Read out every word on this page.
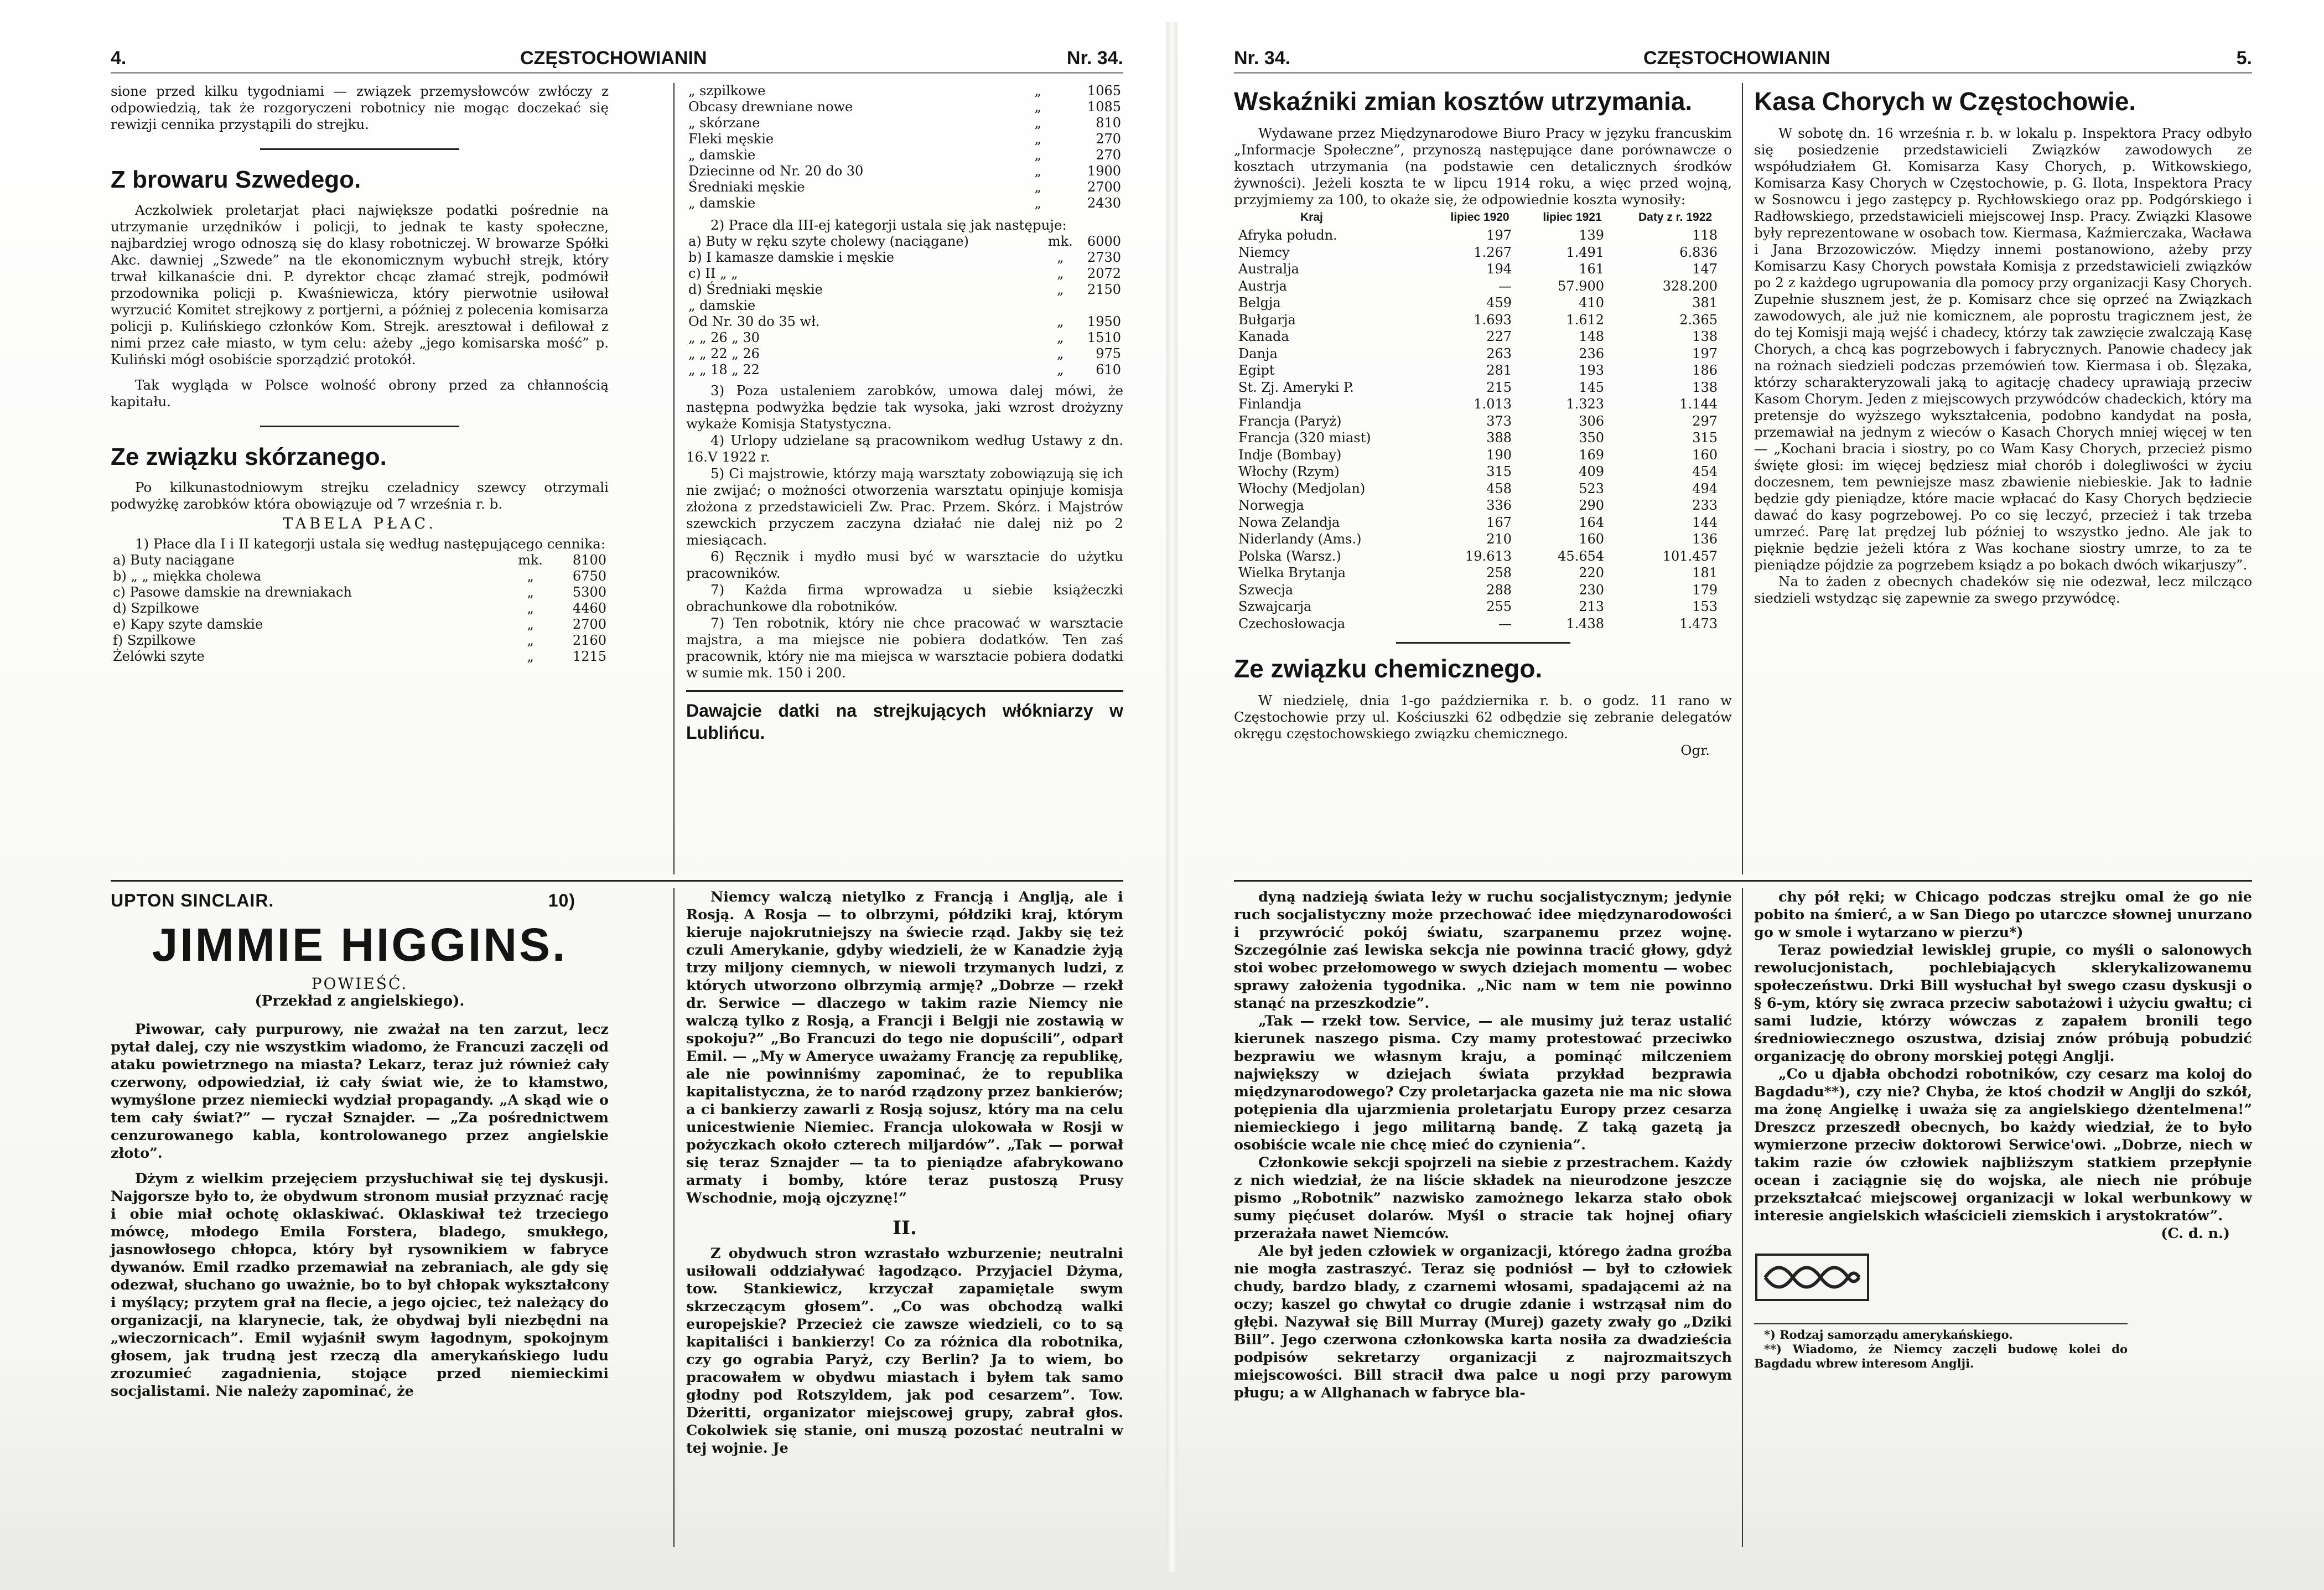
4.	CZĘSTOCHOWIANIN	Nr. 34.

sione przed kilku tygodniami — związek przemysłowców zwłóczy z odpowiedzią, tak że rozgoryczeni robotnicy nie mogąc doczekać się rewizji cennika przystąpili do strejku.

Z browaru Szwedego.

Aczkolwiek proletarjat płaci największe podatki pośrednie na utrzymanie urzędników i policji, to jednak te kasty społeczne, najbardziej wrogo odnoszą się do klasy robotniczej. W browarze Spółki Akc. dawniej „Szwede” na tle ekonomicznym wybuchł strejk, który trwał kilkanaście dni. P. dyrektor chcąc złamać strejk, podmówił przodownika policji p. Kwaśniewicza, który pierwotnie usiłował wyrzucić Komitet strejkowy z portjerni, a później z polecenia komisarza policji p. Kulińskiego członków Kom. Strejk. aresztował i defilował z nimi przez całe miasto, w tym celu: ażeby „jego komisarska mość” p. Kuliński mógł osobiście sporządzić protokół.

Tak wygląda w Polsce wolność obrony przed za chłannością kapitału.

Ze związku skórzanego.

Po kilkunastodniowym strejku czeladnicy szewcy otrzymali podwyżkę zarobków która obowiązuje od 7 września r. b.

TABELA PŁAC.

1) Płace dla I i II kategorji ustala się według następującego cennika:

a) Buty naciągane	mk.	8100
b) „ „ miękka cholewa	„	6750
c) Pasowe damskie na drewniakach	„	5300
d) Szpilkowe	„	4460
e) Kapy szyte damskie	„	2700
f) Szpilkowe	„	2160
Żelówki szyte	„	1215
„ szpilkowe	„	1065
Obcasy drewniane nowe	„	1085
„ skórzane	„	810
Fleki męskie	„	270
„ damskie	„	270
Dziecinne od Nr. 20 do 30	„	1900
Średniaki męskie	„	2700
„ damskie	„	2430

2) Prace dla III-ej kategorji ustala się jak następuje:

a) Buty w ręku szyte cholewy (naciągane)	mk.	6000
b) I kamasze damskie i męskie	„	2730
c) II „ „	„	2072
d) Średniaki męskie	„	2150
„ damskie		
Od Nr. 30 do 35 wł.	„	1950
„ „ 26 „ 30	„	1510
„ „ 22 „ 26	„	975
„ „ 18 „ 22	„	610

3) Poza ustaleniem zarobków, umowa dalej mówi, że następna podwyżka będzie tak wysoka, jaki wzrost drożyzny wykaże Komisja Statystyczna.

4) Urlopy udzielane są pracownikom według Ustawy z dn. 16.V 1922 r.

5) Ci majstrowie, którzy mają warsztaty zobowiązują się ich nie zwijać; o możności otworzenia warsztatu opinjuje komisja złożona z przedstawicieli Zw. Prac. Przem. Skórz. i Majstrów szewckich przyczem zaczyna działać nie dalej niż po 2 miesiącach.

6) Ręcznik i mydło musi być w warsztacie do użytku pracowników.

7) Każda firma wprowadza u siebie książeczki obrachunkowe dla robotników.

7) Ten robotnik, który nie chce pracować w warsztacie majstra, a ma miejsce nie pobiera dodatków. Ten zaś pracownik, który nie ma miejsca w warsztacie pobiera dodatki w sumie mk. 150 i 200.

Dawajcie datki na strejkujących włókniarzy w Lublińcu.
UPTON SINCLAIR.	10)
JIMMIE HIGGINS.
POWIEŚĆ.
(Przekład z angielskiego).

Piwowar, cały purpurowy, nie zważał na ten zarzut, lecz pytał dalej, czy nie wszystkim wiadomo, że Francuzi zaczęli od ataku powietrznego na miasta? Lekarz, teraz już również cały czerwony, odpowiedział, iż cały świat wie, że to kłamstwo, wymyślone przez niemiecki wydział propagandy. „A skąd wie o tem cały świat?” — ryczał Sznajder. — „Za pośrednictwem cenzurowanego kabla, kontrolowanego przez angielskie złoto”.

Dżym z wielkim przejęciem przysłuchiwał się tej dyskusji. Najgorsze było to, że obydwum stronom musiał przyznać rację i obie miał ochotę oklaskiwać. Oklaskiwał też trzeciego mówcę, młodego Emila Forstera, bladego, smukłego, jasnowłosego chłopca, który był rysownikiem w fabryce dywanów. Emil rzadko przemawiał na zebraniach, ale gdy się odezwał, słuchano go uważnie, bo to był chłopak wykształcony i myślący; przytem grał na flecie, a jego ojciec, też należący do organizacji, na klarynecie, tak, że obydwaj byli niezbędni na „wieczornicach”. Emil wyjaśnił swym łagodnym, spokojnym głosem, jak trudną jest rzeczą dla amerykańskiego ludu zrozumieć zagadnienia, stojące przed niemieckimi socjalistami. Nie należy zapominać, że

Niemcy walczą nietylko z Francją i Anglją, ale i Rosją. A Rosja — to olbrzymi, półdziki kraj, którym kieruje najokrutniejszy na świecie rząd. Jakby się też czuli Amerykanie, gdyby wiedzieli, że w Kanadzie żyją trzy miljony ciemnych, w niewoli trzymanych ludzi, z których utworzono olbrzymią armję? „Dobrze — rzekł dr. Serwice — dlaczego w takim razie Niemcy nie walczą tylko z Rosją, a Francji i Belgji nie zostawią w spokoju?” „Bo Francuzi do tego nie dopuścili”, odparł Emil. — „My w Ameryce uważamy Francję za republikę, ale nie powinniśmy zapominać, że to republika kapitalistyczna, że to naród rządzony przez bankierów; a ci bankierzy zawarli z Rosją sojusz, który ma na celu unicestwienie Niemiec. Francja ulokowała w Rosji w pożyczkach około czterech miljardów”. „Tak — porwał się teraz Sznajder — ta to pieniądze afabrykowano armaty i bomby, które teraz pustoszą Prusy Wschodnie, moją ojczyznę!”

II.

Z obydwuch stron wzrastało wzburzenie; neutralni usiłowali oddziaływać łagodząco. Przyjaciel Dżyma, tow. Stankiewicz, krzyczał zapamiętale swym skrzeczącym głosem”. „Co was obchodzą walki europejskie? Przecież cie zawsze wiedzieli, co to są kapitaliści i bankierzy! Co za różnica dla robotnika, czy go ograbia Paryż, czy Berlin? Ja to wiem, bo pracowałem w obydwu miastach i byłem tak samo głodny pod Rotszyldem, jak pod cesarzem”. Tow. Dżeritti, organizator miejscowej grupy, zabrał głos. Cokolwiek się stanie, oni muszą pozostać neutralni w tej wojnie. Je

Nr. 34.	CZĘSTOCHOWIANIN	5.
Wskaźniki zmian kosztów utrzymania.

Wydawane przez Międzynarodowe Biuro Pracy w języku francuskim „Informacje Społeczne”, przynoszą następujące dane porównawcze o kosztach utrzymania (na podstawie cen detalicznych środków żywności). Jeżeli koszta te w lipcu 1914 roku, a więc przed wojną, przyjmiemy za 100, to okaże się, że odpowiednie koszta wynosiły:

Kraj	lipiec 1920	lipiec 1921	Daty z r. 1922
Afryka połudn.	197	139	118
Niemcy	1.267	1.491	6.836
Australja	194	161	147
Austrja	—	57.900	328.200
Belgja	459	410	381
Bułgarja	1.693	1.612	2.365
Kanada	227	148	138
Danja	263	236	197
Egipt	281	193	186
St. Zj. Ameryki P.	215	145	138
Finlandja	1.013	1.323	1.144
Francja (Paryż)	373	306	297
Francja (320 miast)	388	350	315
Indje (Bombay)	190	169	160
Włochy (Rzym)	315	409	454
Włochy (Medjolan)	458	523	494
Norwegja	336	290	233
Nowa Zelandja	167	164	144
Niderlandy (Ams.)	210	160	136
Polska (Warsz.)	19.613	45.654	101.457
Wielka Brytanja	258	220	181
Szwecja	288	230	179
Szwajcarja	255	213	153
Czechosłowacja	—	1.438	1.473
Ze związku chemicznego.

W niedzielę, dnia 1-go października r. b. o godz. 11 rano w Częstochowie przy ul. Kościuszki 62 odbędzie się zebranie delegatów okręgu częstochowskiego związku chemicznego.

Ogr.

Kasa Chorych w Częstochowie.

W sobotę dn. 16 września r. b. w lokalu p. Inspektora Pracy odbyło się posiedzenie przedstawicieli Związków zawodowych ze współudziałem Gł. Komisarza Kasy Chorych, p. Witkowskiego, Komisarza Kasy Chorych w Częstochowie, p. G. Ilota, Inspektora Pracy w Sosnowcu i jego zastępcy p. Rychłowskiego oraz pp. Podgórskiego i Radłowskiego, przedstawicieli miejscowej Insp. Pracy. Związki Klasowe były reprezentowane w osobach tow. Kiermasa, Kaźmierczaka, Wacława i Jana Brzozowiczów. Między innemi postanowiono, ażeby przy Komisarzu Kasy Chorych powstała Komisja z przedstawicieli związków po 2 z każdego ugrupowania dla pomocy przy organizacji Kasy Chorych. Zupełnie słusznem jest, że p. Komisarz chce się oprzeć na Związkach zawodowych, ale już nie komicznem, ale poprostu tragicznem jest, że do tej Komisji mają wejść i chadecy, którzy tak zawzięcie zwalczają Kasę Chorych, a chcą kas pogrzebowych i fabrycznych. Panowie chadecy jak na rożnach siedzieli podczas przemówień tow. Kiermasa i ob. Ślęzaka, którzy scharakteryzowali jaką to agitację chadecy uprawiają przeciw Kasom Chorym. Jeden z miejscowych przywódców chadeckich, który ma pretensje do wyższego wykształcenia, podobno kandydat na posła, przemawiał na jednym z wieców o Kasach Chorych mniej więcej w ten — „Kochani bracia i siostry, po co Wam Kasy Chorych, przecież pismo święte głosi: im więcej będziesz miał chorób i dolegliwości w życiu doczesnem, tem pewniejsze masz zbawienie niebieskie. Jak to ładnie będzie gdy pieniądze, które macie wpłacać do Kasy Chorych będziecie dawać do kasy pogrzebowej. Po co się leczyć, przecież i tak trzeba umrzeć. Parę lat prędzej lub później to wszystko jedno. Ale jak to pięknie będzie jeżeli która z Was kochane siostry umrze, to za te pieniądze pójdzie za pogrzebem ksiądz a po bokach dwóch wikarjuszy”.

Na to żaden z obecnych chadeków się nie odezwał, lecz milcząco siedzieli wstydząc się zapewnie za swego przywódcę.

dyną nadzieją świata leży w ruchu socjalistycznym; jedynie ruch socjalistyczny może przechować idee międzynarodowości i przywrócić pokój światu, szarpanemu przez wojnę. Szczególnie zaś lewiska sekcja nie powinna tracić głowy, gdyż stoi wobec przełomowego w swych dziejach momentu — wobec sprawy założenia tygodnika. „Nic nam w tem nie powinno stanąć na przeszkodzie”.

„Tak — rzekł tow. Service, — ale musimy już teraz ustalić kierunek naszego pisma. Czy mamy protestować przeciwko bezprawiu we własnym kraju, a pominąć milczeniem największy w dziejach świata przykład bezprawia międzynarodowego? Czy proletarjacka gazeta nie ma nic słowa potępienia dla ujarzmienia proletarjatu Europy przez cesarza niemieckiego i jego militarną bandę. Z taką gazetą ja osobiście wcale nie chcę mieć do czynienia”.

Członkowie sekcji spojrzeli na siebie z przestrachem. Każdy z nich wiedział, że na liście składek na nieurodzone jeszcze pismo „Robotnik” nazwisko zamożnego lekarza stało obok sumy pięćuset dolarów. Myśl o stracie tak hojnej ofiary przerażała nawet Niemców.

Ale był jeden człowiek w organizacji, którego żadna groźba nie mogła zastraszyć. Teraz się podniósł — był to człowiek chudy, bardzo blady, z czarnemi włosami, spadającemi aż na oczy; kaszel go chwytał co drugie zdanie i wstrząsał nim do głębi. Nazywał się Bill Murray (Murej) gazety zwały go „Dziki Bill”. Jego czerwona członkowska karta nosiła za dwadzieścia podpisów sekretarzy organizacji z najrozmaitszych miejscowości. Bill stracił dwa palce u nogi przy parowym pługu; a w Allghanach w fabryce bla-

chy pół ręki; w Chicago podczas strejku omal że go nie pobito na śmierć, a w San Diego po utarczce słownej unurzano go w smole i wytarzano w pierzu*)

Teraz powiedział lewisklej grupie, co myśli o salonowych rewolucjonistach, pochlebiających sklerykalizowanemu społeczeństwu. Drki Bill wysłuchał był swego czasu dyskusji o § 6-ym, który się zwraca przeciw sabotażowi i użyciu gwałtu; ci sami ludzie, którzy wówczas z zapałem bronili tego średniowiecznego oszustwa, dzisiaj znów próbują pobudzić organizację do obrony morskiej potęgi Anglji.

„Co u djabła obchodzi robotników, czy cesarz ma koloj do Bagdadu**), czy nie? Chyba, że ktoś chodził w Anglji do szkół, ma żonę Angielkę i uważa się za angielskiego dżentelmena!” Dreszcz przeszedł obecnych, bo każdy wiedział, że to było wymierzone przeciw doktorowi Serwice'owi. „Dobrze, niech w takim razie ów człowiek najbliższym statkiem przepłynie ocean i zaciągnie się do wojska, ale niech nie próbuje przekształcać miejscowej organizacji w lokal werbunkowy w interesie angielskich właścicieli ziemskich i arystokratów”.

(C. d. n.)

*) Rodzaj samorządu amerykańskiego.

**) Wiadomo, że Niemcy zaczęli budowę kolei do Bagdadu wbrew interesom Anglji.
